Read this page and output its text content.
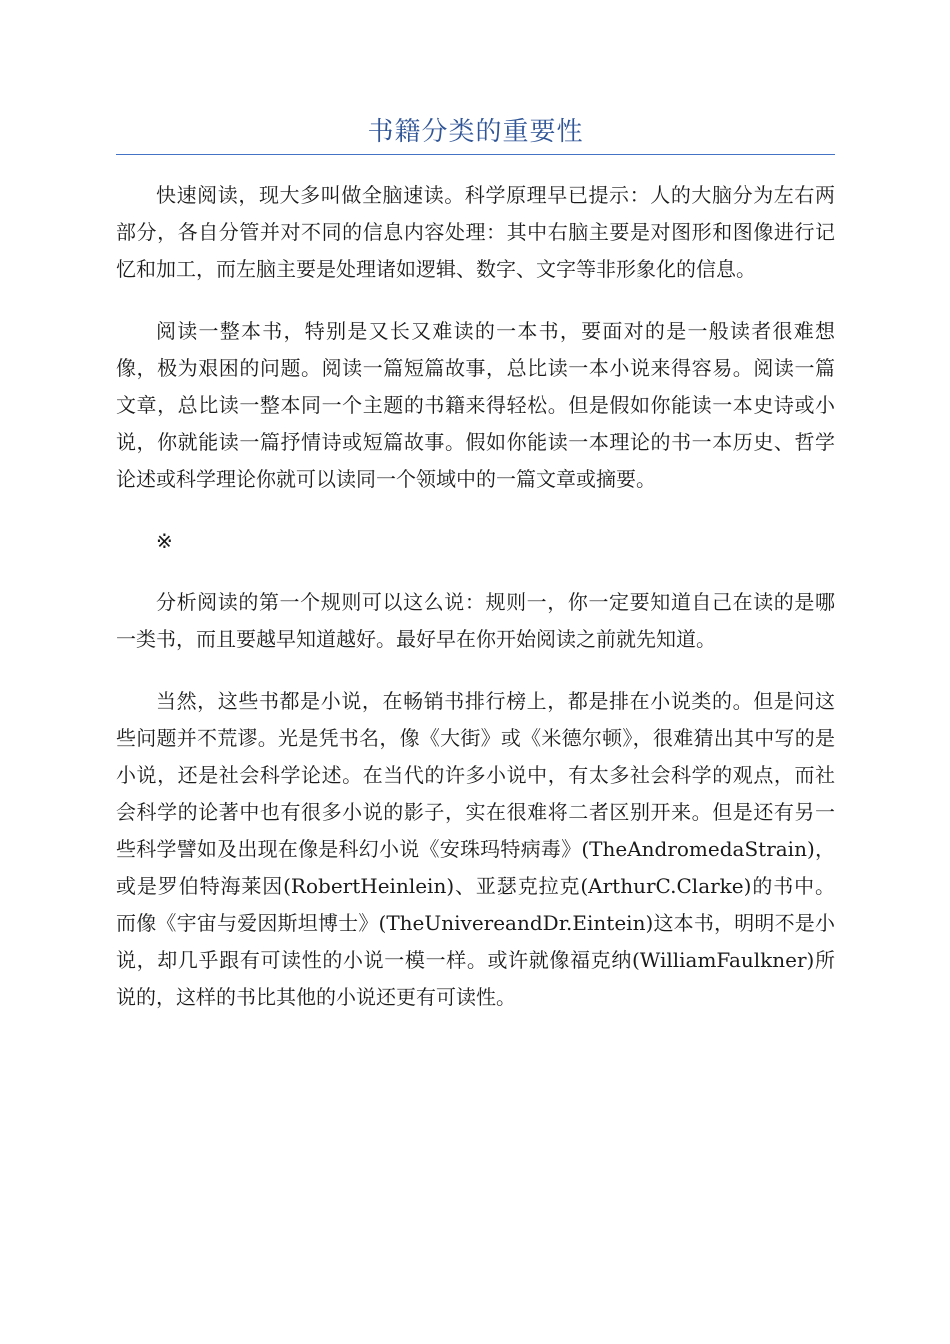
书籍分类的重要性

快速阅读，现大多叫做全脑速读。科学原理早已提示：人的大脑分为左右两部分，各自分管并对不同的信息内容处理：其中右脑主要是对图形和图像进行记忆和加工，而左脑主要是处理诸如逻辑、数字、文字等非形象化的信息。

阅读一整本书，特别是又长又难读的一本书，要面对的是一般读者很难想像，极为艰困的问题。阅读一篇短篇故事，总比读一本小说来得容易。阅读一篇文章，总比读一整本同一个主题的书籍来得轻松。但是假如你能读一本史诗或小说，你就能读一篇抒情诗或短篇故事。假如你能读一本理论的书一本历史、哲学论述或科学理论你就可以读同一个领域中的一篇文章或摘要。

※

分析阅读的第一个规则可以这么说：规则一，你一定要知道自己在读的是哪一类书，而且要越早知道越好。最好早在你开始阅读之前就先知道。

当然，这些书都是小说，在畅销书排行榜上，都是排在小说类的。但是问这些问题并不荒谬。光是凭书名，像《大街》或《米德尔顿》，很难猜出其中写的是小说，还是社会科学论述。在当代的许多小说中，有太多社会科学的观点，而社会科学的论著中也有很多小说的影子，实在很难将二者区别开来。但是还有另一些科学譬如及出现在像是科幻小说《安珠玛特病毒》(TheAndromedaStrain)，或是罗伯特海莱因(RobertHeinlein)、亚瑟克拉克(ArthurC.Clarke)的书中。而像《宇宙与爱因斯坦博士》(TheUnivereandDr.Eintein)这本书，明明不是小说，却几乎跟有可读性的小说一模一样。或许就像福克纳(WilliamFaulkner)所说的，这样的书比其他的小说还更有可读性。
